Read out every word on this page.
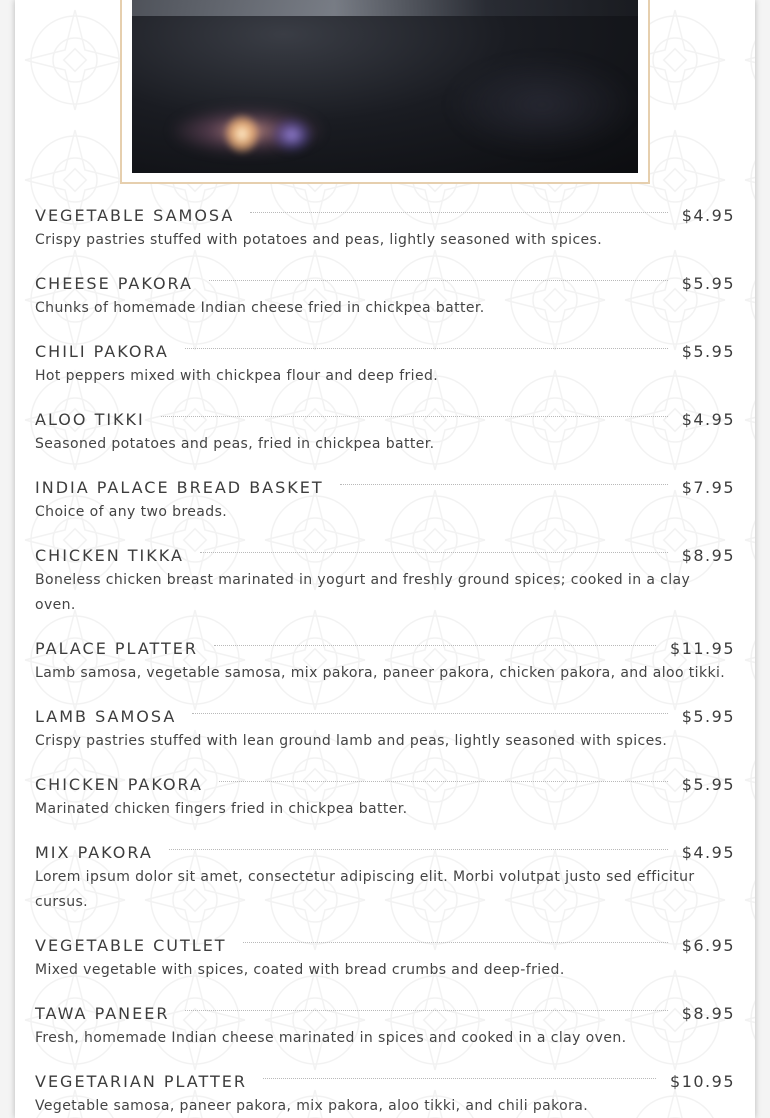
VEGETABLE SAMOSA	$4.95
Crispy pastries stuffed with potatoes and peas, lightly seasoned with spices.
CHEESE PAKORA	$5.95
Chunks of homemade Indian cheese fried in chickpea batter.
CHILI PAKORA	$5.95
Hot peppers mixed with chickpea flour and deep fried.
ALOO TIKKI	$4.95
Seasoned potatoes and peas, fried in chickpea batter.
INDIA PALACE BREAD BASKET	$7.95
Choice of any two breads.
CHICKEN TIKKA	$8.95
Boneless chicken breast marinated in yogurt and freshly ground spices; cooked in a clay oven.
PALACE PLATTER	$11.95
Lamb samosa, vegetable samosa, mix pakora, paneer pakora, chicken pakora, and aloo tikki.
LAMB SAMOSA	$5.95
Crispy pastries stuffed with lean ground lamb and peas, lightly seasoned with spices.
CHICKEN PAKORA	$5.95
Marinated chicken fingers fried in chickpea batter.
MIX PAKORA	$4.95
Lorem ipsum dolor sit amet, consectetur adipiscing elit. Morbi volutpat justo sed efficitur cursus.
VEGETABLE CUTLET	$6.95
Mixed vegetable with spices, coated with bread crumbs and deep-fried.
TAWA PANEER	$8.95
Fresh, homemade Indian cheese marinated in spices and cooked in a clay oven.
VEGETARIAN PLATTER	$10.95
Vegetable samosa, paneer pakora, mix pakora, aloo tikki, and chili pakora.
